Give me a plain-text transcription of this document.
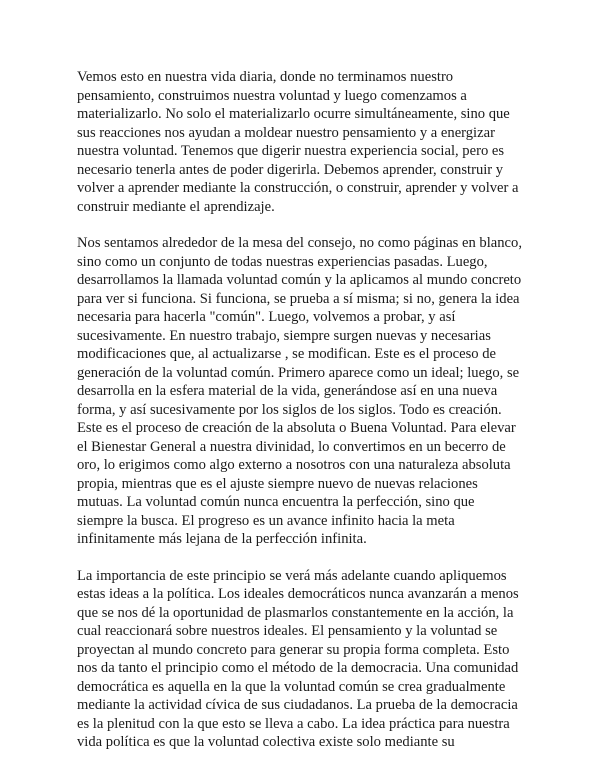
Vemos esto en nuestra vida diaria, donde no terminamos nuestro
pensamiento, construimos nuestra voluntad y luego comenzamos a
materializarlo. No solo el materializarlo ocurre simultáneamente, sino que
sus reacciones nos ayudan a moldear nuestro pensamiento y a energizar
nuestra voluntad. Tenemos que digerir nuestra experiencia social, pero es
necesario tenerla antes de poder digerirla. Debemos aprender, construir y
volver a aprender mediante la construcción, o construir, aprender y volver a
construir mediante el aprendizaje.

Nos sentamos alrededor de la mesa del consejo, no como páginas en blanco,
sino como un conjunto de todas nuestras experiencias pasadas. Luego,
desarrollamos la llamada voluntad común y la aplicamos al mundo concreto
para ver si funciona. Si funciona, se prueba a sí misma; si no, genera la idea
necesaria para hacerla "común". Luego, volvemos a probar, y así
sucesivamente. En nuestro trabajo, siempre surgen nuevas y necesarias
modificaciones que, al actualizarse , se modifican. Este es el proceso de
generación de la voluntad común. Primero aparece como un ideal; luego, se
desarrolla en la esfera material de la vida, generándose así en una nueva
forma, y así sucesivamente por los siglos de los siglos. Todo es creación.
Este es el proceso de creación de la absoluta o Buena Voluntad. Para elevar
el Bienestar General a nuestra divinidad, lo convertimos en un becerro de
oro, lo erigimos como algo externo a nosotros con una naturaleza absoluta
propia, mientras que es el ajuste siempre nuevo de nuevas relaciones
mutuas. La voluntad común nunca encuentra la perfección, sino que
siempre la busca. El progreso es un avance infinito hacia la meta
infinitamente más lejana de la perfección infinita.

La importancia de este principio se verá más adelante cuando apliquemos
estas ideas a la política. Los ideales democráticos nunca avanzarán a menos
que se nos dé la oportunidad de plasmarlos constantemente en la acción, la
cual reaccionará sobre nuestros ideales. El pensamiento y la voluntad se
proyectan al mundo concreto para generar su propia forma completa. Esto
nos da tanto el principio como el método de la democracia. Una comunidad
democrática es aquella en la que la voluntad común se crea gradualmente
mediante la actividad cívica de sus ciudadanos. La prueba de la democracia
es la plenitud con la que esto se lleva a cabo. La idea práctica para nuestra
vida política es que la voluntad colectiva existe solo mediante su
